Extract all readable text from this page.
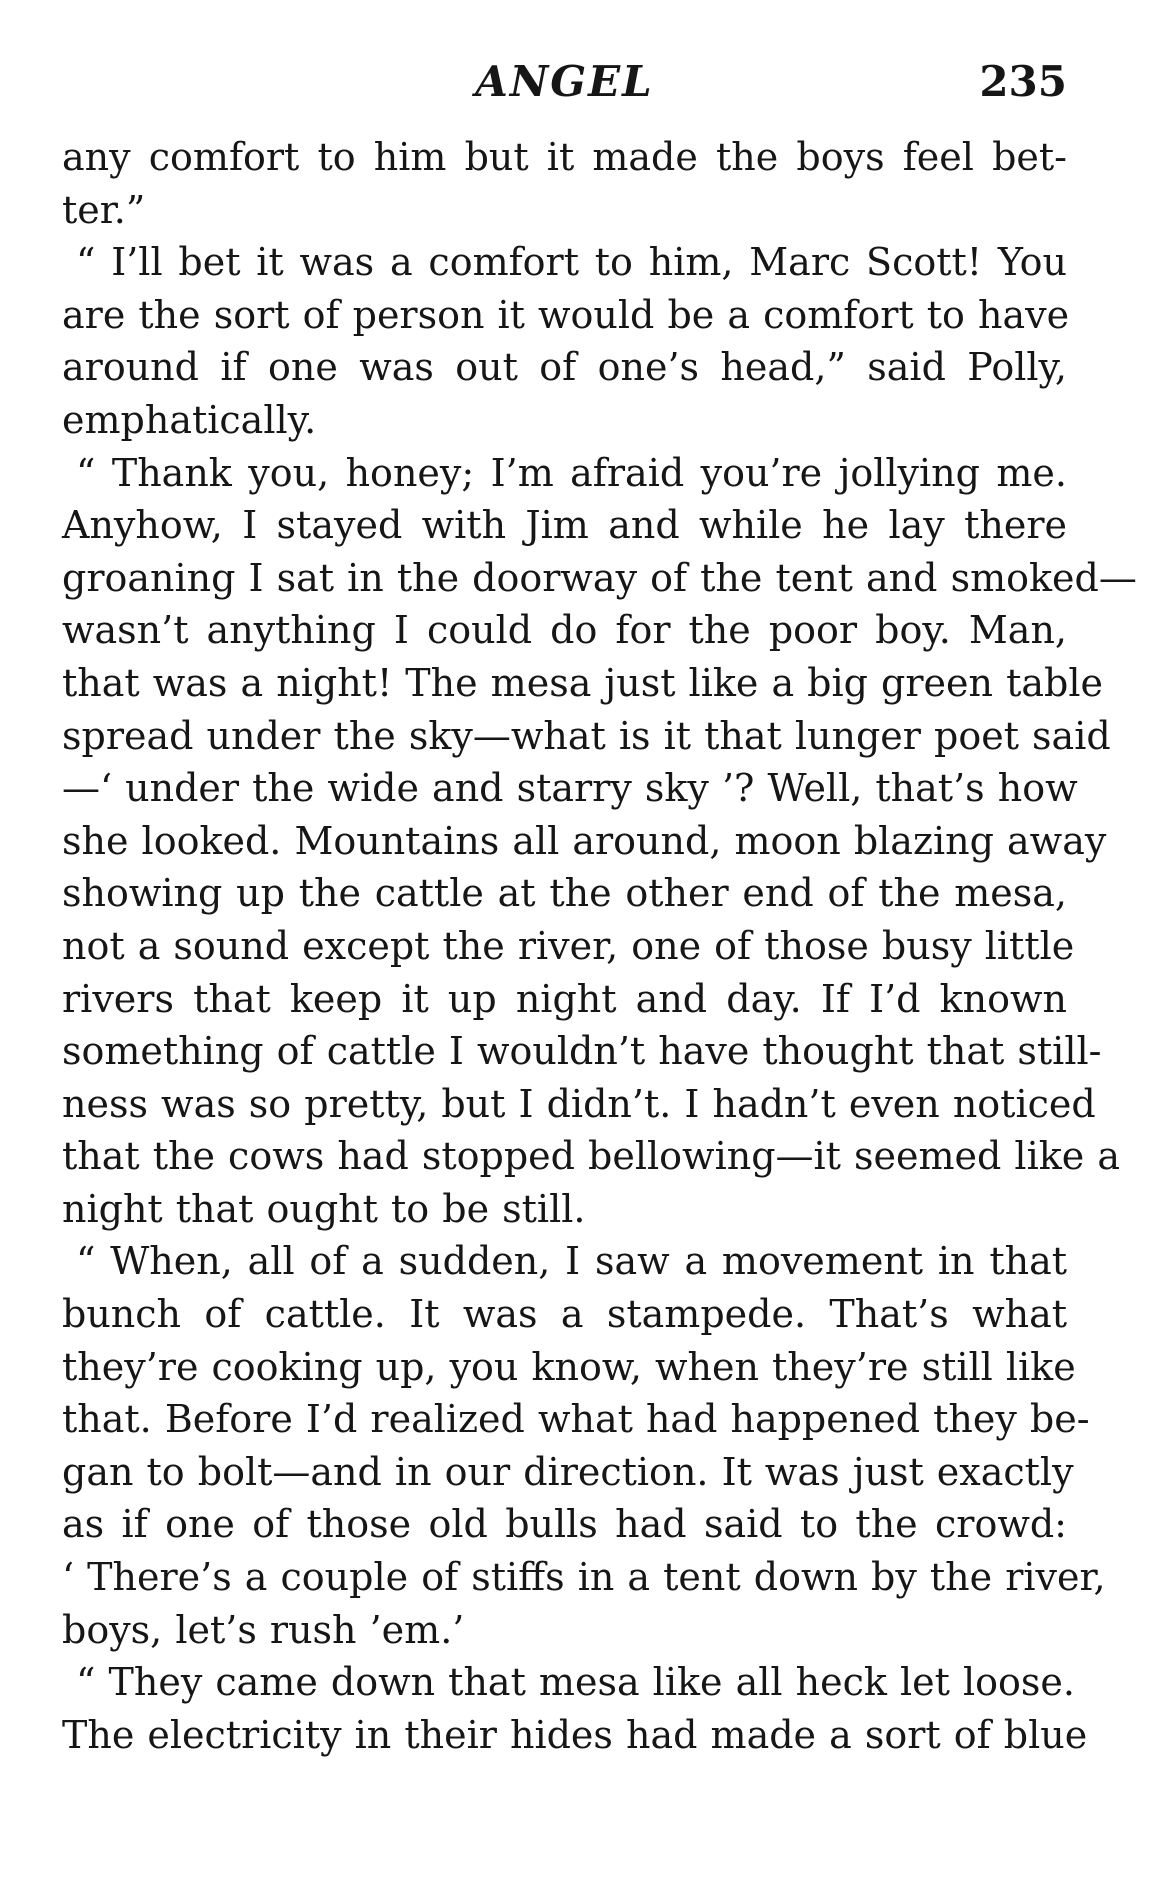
ANGEL	235
any comfort to him but it made the boys feel bet-
ter.”
“ I’ll bet it was a comfort to him, Marc Scott! You
are the sort of person it would be a comfort to have
around if one was out of one’s head,” said Polly,
emphatically.
“ Thank you, honey; I’m afraid you’re jollying me.
Anyhow, I stayed with Jim and while he lay there
groaning I sat in the doorway of the tent and smoked—
wasn’t anything I could do for the poor boy. Man,
that was a night! The mesa just like a big green table
spread under the sky—what is it that lunger poet said
—‘ under the wide and starry sky ’? Well, that’s how
she looked. Mountains all around, moon blazing away
showing up the cattle at the other end of the mesa,
not a sound except the river, one of those busy little
rivers that keep it up night and day. If I’d known
something of cattle I wouldn’t have thought that still-
ness was so pretty, but I didn’t. I hadn’t even noticed
that the cows had stopped bellowing—it seemed like a
night that ought to be still.
“ When, all of a sudden, I saw a movement in that
bunch of cattle. It was a stampede. That’s what
they’re cooking up, you know, when they’re still like
that. Before I’d realized what had happened they be-
gan to bolt—and in our direction. It was just exactly
as if one of those old bulls had said to the crowd:
‘ There’s a couple of stiffs in a tent down by the river,
boys, let’s rush ’em.’
“ They came down that mesa like all heck let loose.
The electricity in their hides had made a sort of blue
